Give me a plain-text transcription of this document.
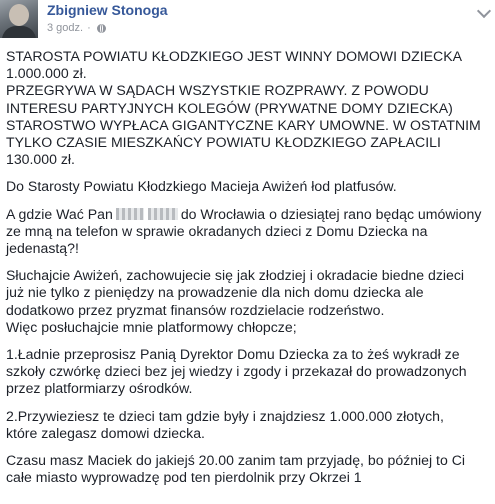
Zbigniew Stonoga
3 godz. ·

STAROSTA POWIATU KŁODZKIEGO JEST WINNY DOMOWI DZIECKA
1.000.000 zł.
PRZEGRYWA W SĄDACH WSZYSTKIE ROZPRAWY. Z POWODU
INTERESU PARTYJNYCH KOLEGÓW (PRYWATNE DOMY DZIECKA)
STAROSTWO WYPŁACA GIGANTYCZNE KARY UMOWNE. W OSTATNIM
TYLKO CZASIE MIESZKAŃCY POWIATU KŁODZKIEGO ZAPŁACILI
130.000 zł.

Do Starosty Powiatu Kłodzkiego Macieja Awiżeń łod platfusów.

A gdzie Wać Pan	do Wrocławia o dziesiątej rano będąc umówiony
ze mną na telefon w sprawie okradanych dzieci z Domu Dziecka na
jedenastą?!

Słuchajcie Awiżeń, zachowujecie się jak złodziej i okradacie biedne dzieci
już nie tylko z pieniędzy na prowadzenie dla nich domu dziecka ale
dodatkowo przez pryzmat finansów rozdzielacie rodzeństwo.
Więc posłuchajcie mnie platformowy chłopcze;

1.Ładnie przeprosisz Panią Dyrektor Domu Dziecka za to żeś wykradł ze
szkoły czwórkę dzieci bez jej wiedzy i zgody i przekazał do prowadzonych
przez platformiarzy ośrodków.

2.Przywieziesz te dzieci tam gdzie były i znajdziesz 1.000.000 złotych,
które zalegasz domowi dziecka.

Czasu masz Maciek do jakiejś 20.00 zanim tam przyjadę, bo później to Ci
całe miasto wyprowadzę pod ten pierdolnik przy Okrzei 1
